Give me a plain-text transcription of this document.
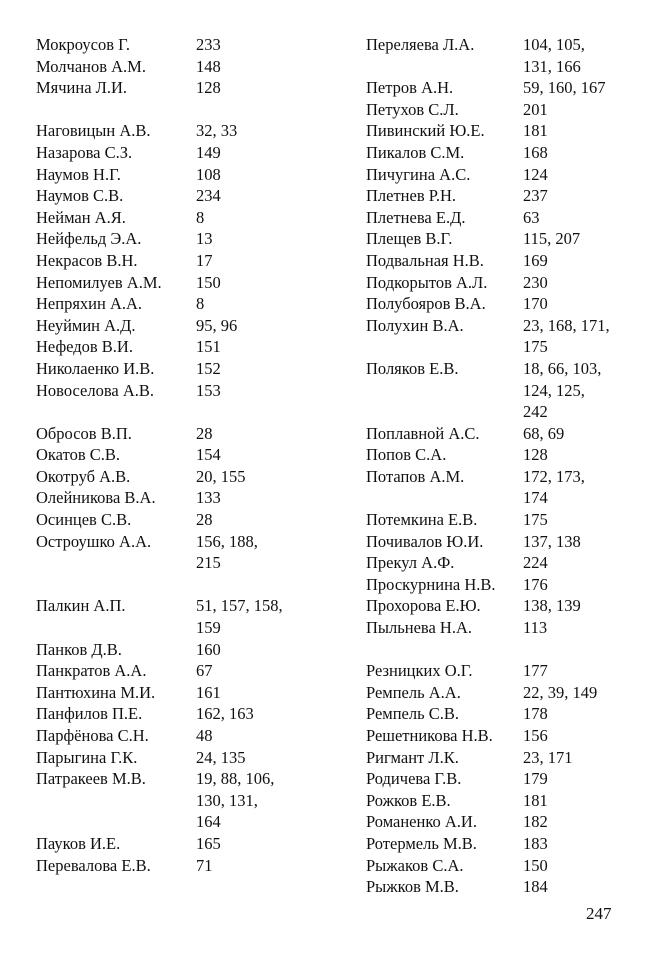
Мокроусов Г.	233
Молчанов А.М.	148
Мячина Л.И.	128
Наговицын А.В.	32, 33
Назарова С.З.	149
Наумов Н.Г.	108
Наумов С.В.	234
Нейман А.Я.	8
Нейфельд Э.А.	13
Некрасов В.Н.	17
Непомилуев А.М.	150
Непряхин А.А.	8
Неуймин А.Д.	95, 96
Нефедов В.И.	151
Николаенко И.В.	152
Новоселова А.В.	153
Обросов В.П.	28
Окатов С.В.	154
Окотруб А.В.	20, 155
Олейникова В.А.	133
Осинцев С.В.	28
Остроушко А.А.	156, 188,
215
Палкин А.П.	51, 157, 158,
159
Панков Д.В.	160
Панкратов А.А.	67
Пантюхина М.И.	161
Панфилов П.Е.	162, 163
Парфёнова С.Н.	48
Парыгина Г.К.	24, 135
Патракеев М.В.	19, 88, 106,
130, 131,
164
Пауков И.Е.	165
Перевалова Е.В.	71
Переляева Л.А.	104, 105,
131, 166
Петров А.Н.	59, 160, 167
Петухов С.Л.	201
Пивинский Ю.Е.	181
Пикалов С.М.	168
Пичугина А.С.	124
Плетнев Р.Н.	237
Плетнева Е.Д.	63
Плещев В.Г.	115, 207
Подвальная Н.В.	169
Подкорытов А.Л.	230
Полубояров В.А.	170
Полухин В.А.	23, 168, 171,
175
Поляков Е.В.	18, 66, 103,
124, 125,
242
Поплавной А.С.	68, 69
Попов С.А.	128
Потапов А.М.	172, 173,
174
Потемкина Е.В.	175
Почивалов Ю.И.	137, 138
Прекул А.Ф.	224
Проскурнина Н.В.	176
Прохорова Е.Ю.	138, 139
Пыльнева Н.А.	113
Резницких О.Г.	177
Ремпель А.А.	22, 39, 149
Ремпель С.В.	178
Решетникова Н.В.	156
Ригмант Л.К.	23, 171
Родичева Г.В.	179
Рожков Е.В.	181
Романенко А.И.	182
Ротермель М.В.	183
Рыжаков С.А.	150
Рыжков М.В.	184
247
